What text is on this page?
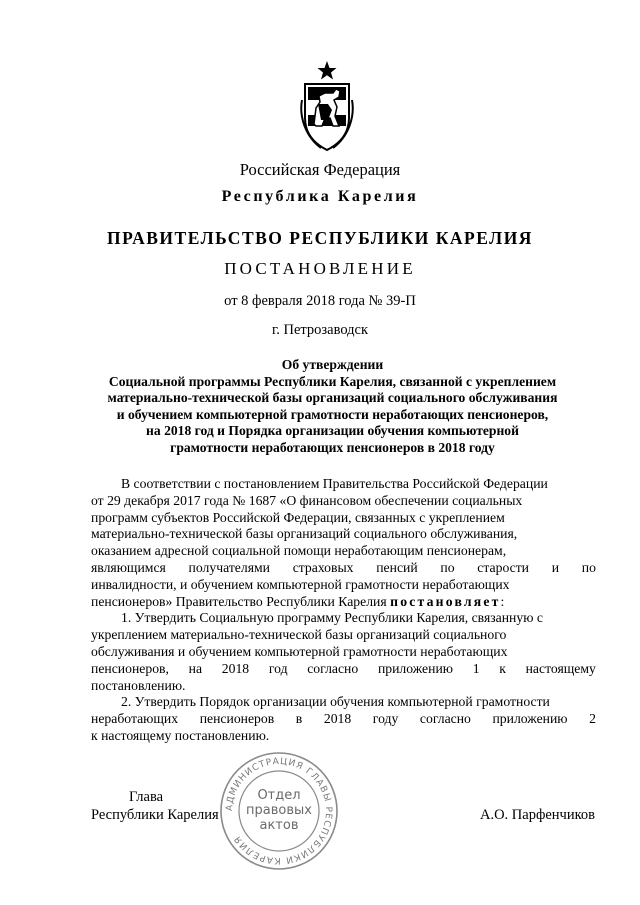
Российская Федерация
Республика Карелия
ПРАВИТЕЛЬСТВО РЕСПУБЛИКИ КАРЕЛИЯ
ПОСТАНОВЛЕНИЕ
от 8 февраля 2018 года № 39-П
г. Петрозаводск
Об утверждении
Социальной программы Республики Карелия, связанной с укреплением
материально-технической базы организаций социального обслуживания
и обучением компьютерной грамотности неработающих пенсионеров,
на 2018 год и Порядка организации обучения компьютерной
грамотности неработающих пенсионеров в 2018 году
В соответствии с постановлением Правительства Российской Федерации
от 29 декабря 2017 года № 1687 «О финансовом обеспечении социальных
программ субъектов Российской Федерации, связанных с укреплением
материально-технической базы организаций социального обслуживания,
оказанием адресной социальной помощи неработающим пенсионерам,
являющимся получателями страховых пенсий по старости и по
инвалидности, и обучением компьютерной грамотности неработающих
пенсионеров» Правительство Республики Карелия постановляет:
1. Утвердить Социальную программу Республики Карелия, связанную с
укреплением материально-технической базы организаций социального
обслуживания и обучением компьютерной грамотности неработающих
пенсионеров, на 2018 год согласно приложению 1 к настоящему
постановлению.
2. Утвердить Порядок организации обучения компьютерной грамотности
неработающих пенсионеров в 2018 году согласно приложению 2
к настоящему постановлению.
АДМИНИСТРАЦИЯ ГЛАВЫ РЕСПУБЛИКИ КАРЕЛИЯ
Отдел
правовых
актов
Глава
Республики Карелия	А.О. Парфенчиков
